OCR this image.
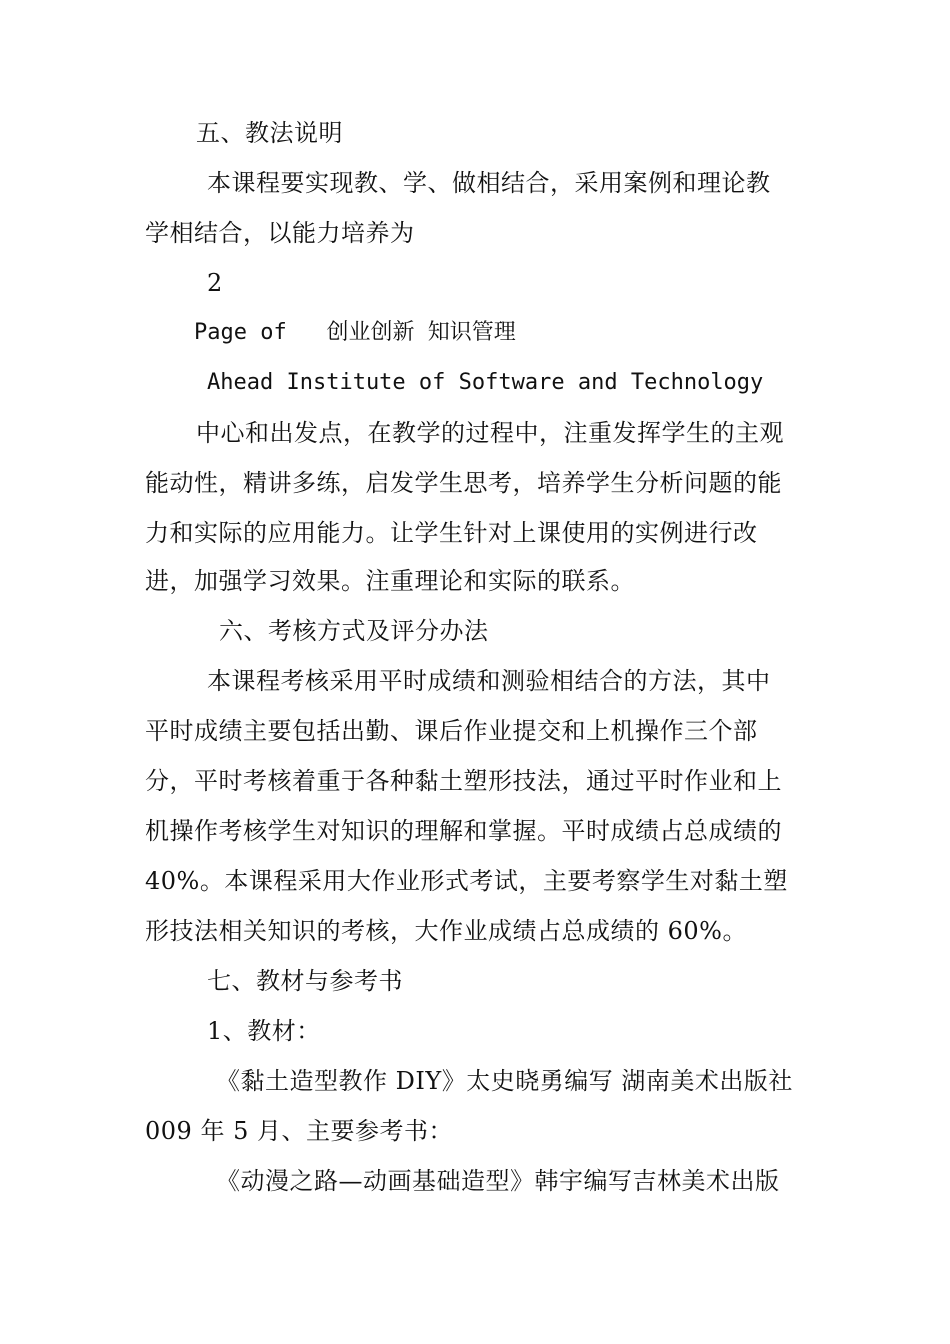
五、教法说明
本课程要实现教、学、做相结合，采用案例和理论教
学相结合，以能力培养为
2
Page of   创业创新 知识管理
Ahead Institute of Software and Technology
中心和出发点，在教学的过程中，注重发挥学生的主观
能动性，精讲多练，启发学生思考，培养学生分析问题的能
力和实际的应用能力。让学生针对上课使用的实例进行改
进，加强学习效果。注重理论和实际的联系。
六、考核方式及评分办法
本课程考核采用平时成绩和测验相结合的方法，其中
平时成绩主要包括出勤、课后作业提交和上机操作三个部
分，平时考核着重于各种黏土塑形技法，通过平时作业和上
机操作考核学生对知识的理解和掌握。平时成绩占总成绩的
40%。本课程采用大作业形式考试，主要考察学生对黏土塑
形技法相关知识的考核，大作业成绩占总成绩的 60%。
七、教材与参考书
1、教材：
《黏土造型教作 DIY》太史晓勇编写 湖南美术出版社
009 年 5 月、主要参考书：
《动漫之路—动画基础造型》韩宇编写吉林美术出版
